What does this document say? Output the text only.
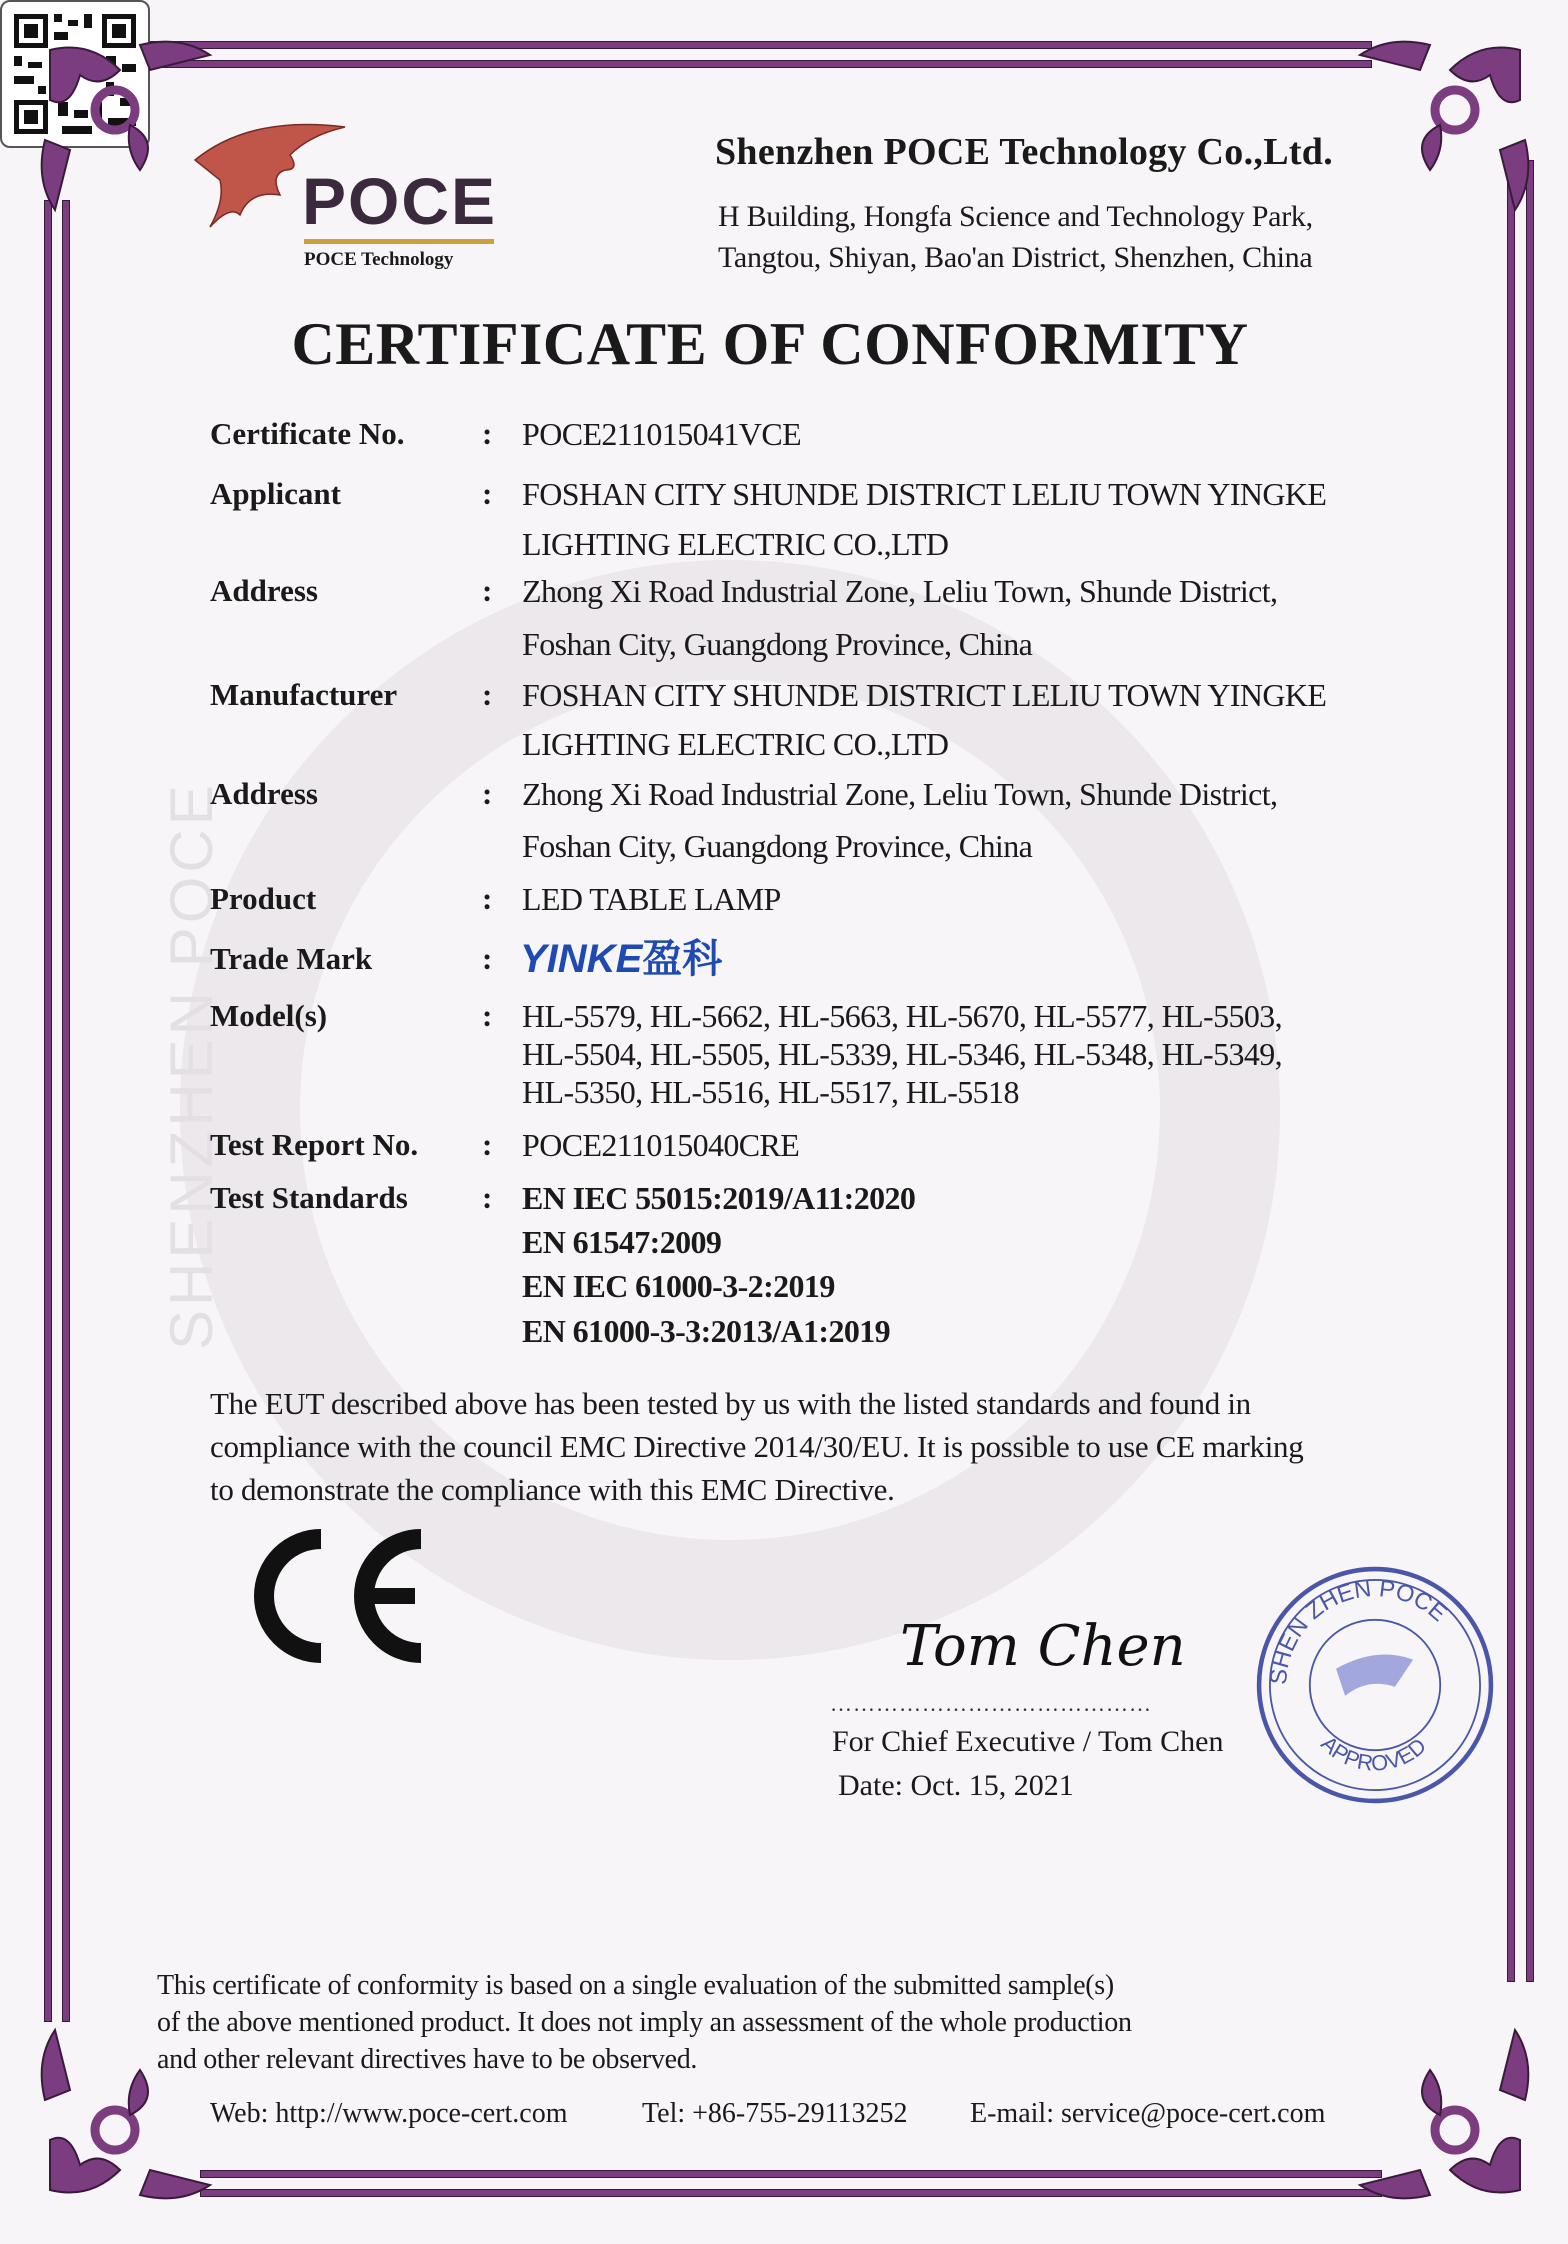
SHENZHEN POCE
POCE
POCE Technology
Shenzhen POCE Technology Co.,Ltd.
H Building, Hongfa Science and Technology Park,
Tangtou, Shiyan, Bao'an District, Shenzhen, China
CERTIFICATE OF CONFORMITY
Certificate No. : POCE211015041VCE
Applicant	: FOSHAN CITY SHUNDE DISTRICT LELIU TOWN YINGKE
LIGHTING ELECTRIC CO.,LTD
Address	: Zhong Xi Road Industrial Zone, Leliu Town, Shunde District,
Foshan City, Guangdong Province, China
Manufacturer	: FOSHAN CITY SHUNDE DISTRICT LELIU TOWN YINGKE
LIGHTING ELECTRIC CO.,LTD
Address	: Zhong Xi Road Industrial Zone, Leliu Town, Shunde District,
Foshan City, Guangdong Province, China
Product	: LED TABLE LAMP
Trade Mark	: YINKE盈科
Model(s)	: HL-5579, HL-5662, HL-5663, HL-5670, HL-5577, HL-5503,
HL-5504, HL-5505, HL-5339, HL-5346, HL-5348, HL-5349,
HL-5350, HL-5516, HL-5517, HL-5518
Test Report No. : POCE211015040CRE
Test Standards : EN IEC 55015:2019/A11:2020
EN 61547:2009
EN IEC 61000-3-2:2019
EN 61000-3-3:2013/A1:2019
The EUT described above has been tested by us with the listed standards and found in
compliance with the council EMC Directive 2014/30/EU. It is possible to use CE marking
to demonstrate the compliance with this EMC Directive.
SHEN ZHEN POCE
APPROVED
Tom Chen
……………………………………
For Chief Executive / Tom Chen
Date: Oct. 15, 2021
This certificate of conformity is based on a single evaluation of the submitted sample(s)
of the above mentioned product. It does not imply an assessment of the whole production
and other relevant directives have to be observed.
Web: http://www.poce-cert.com	Tel: +86-755-29113252 E-mail: service@poce-cert.com
